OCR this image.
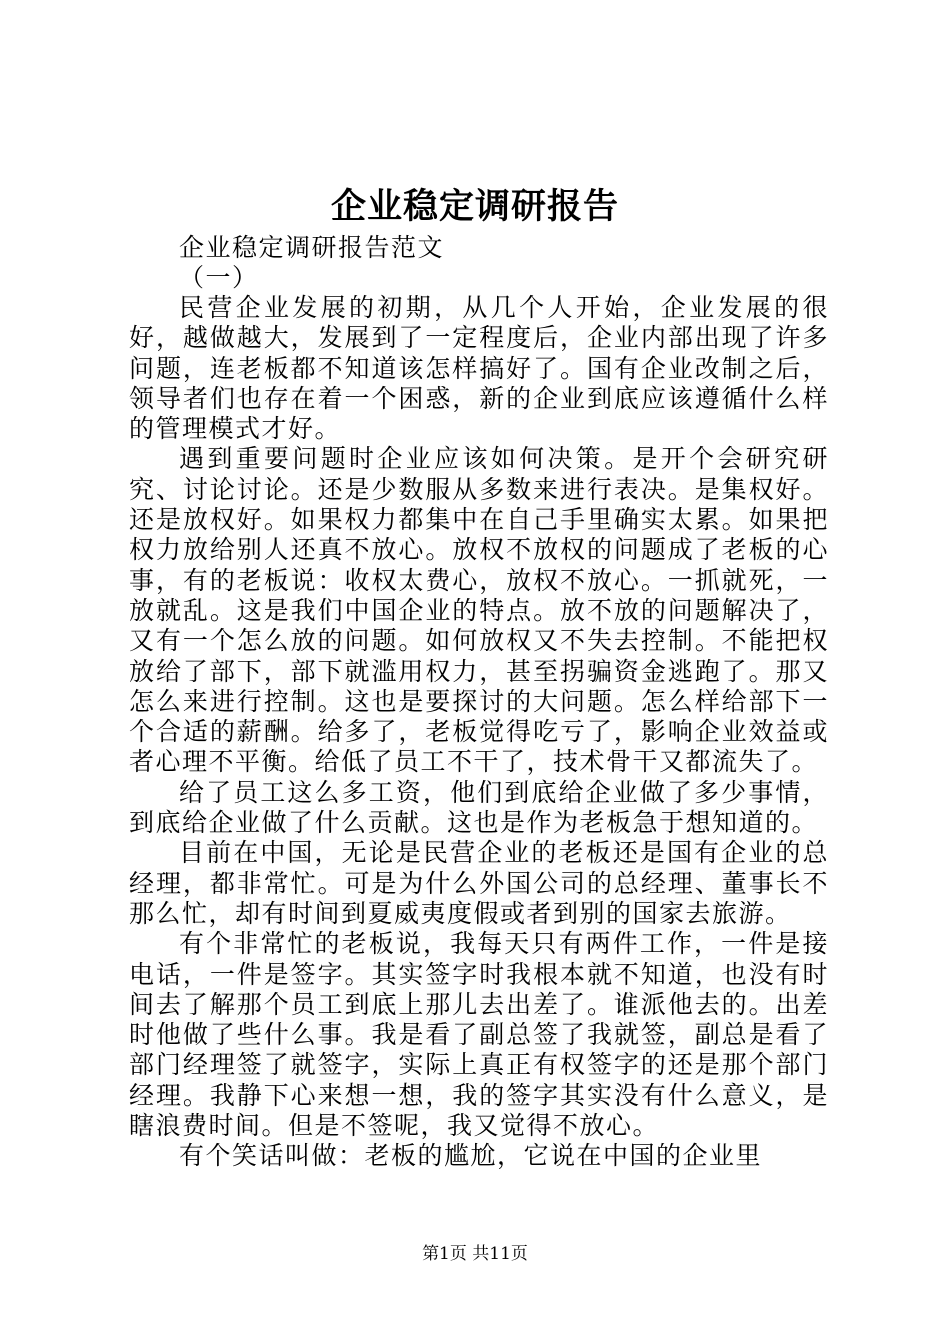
企业稳定调研报告

企业稳定调研报告范文

（一）

民营企业发展的初期，从几个人开始，企业发展的很好，越做越大，发展到了一定程度后，企业内部出现了许多问题，连老板都不知道该怎样搞好了。国有企业改制之后，领导者们也存在着一个困惑，新的企业到底应该遵循什么样的管理模式才好。

遇到重要问题时企业应该如何决策。是开个会研究研究、讨论讨论。还是少数服从多数来进行表决。是集权好。还是放权好。如果权力都集中在自己手里确实太累。如果把权力放给别人还真不放心。放权不放权的问题成了老板的心事，有的老板说：收权太费心，放权不放心。一抓就死，一放就乱。这是我们中国企业的特点。放不放的问题解决了，又有一个怎么放的问题。如何放权又不失去控制。不能把权放给了部下，部下就滥用权力，甚至拐骗资金逃跑了。那又怎么来进行控制。这也是要探讨的大问题。怎么样给部下一个合适的薪酬。给多了，老板觉得吃亏了，影响企业效益或者心理不平衡。给低了员工不干了，技术骨干又都流失了。

给了员工这么多工资，他们到底给企业做了多少事情，到底给企业做了什么贡献。这也是作为老板急于想知道的。

目前在中国，无论是民营企业的老板还是国有企业的总经理，都非常忙。可是为什么外国公司的总经理、董事长不那么忙，却有时间到夏威夷度假或者到别的国家去旅游。

有个非常忙的老板说，我每天只有两件工作，一件是接电话，一件是签字。其实签字时我根本就不知道，也没有时间去了解那个员工到底上那儿去出差了。谁派他去的。出差时他做了些什么事。我是看了副总签了我就签，副总是看了部门经理签了就签字，实际上真正有权签字的还是那个部门经理。我静下心来想一想，我的签字其实没有什么意义，是瞎浪费时间。但是不签呢，我又觉得不放心。

有个笑话叫做：老板的尴尬，它说在中国的企业里

第1页 共11页
